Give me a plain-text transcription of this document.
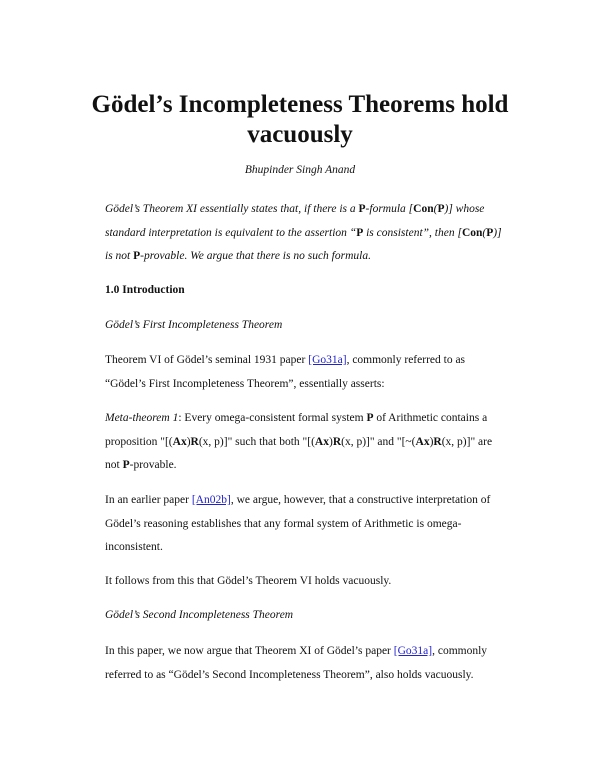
Gödel’s Incompleteness Theorems hold vacuously
Bhupinder Singh Anand
Gödel’s Theorem XI essentially states that, if there is a P-formula [Con(P)] whose standard interpretation is equivalent to the assertion “P is consistent”, then [Con(P)] is not P-provable. We argue that there is no such formula.
1.0 Introduction
Gödel’s First Incompleteness Theorem
Theorem VI of Gödel’s seminal 1931 paper [Go31a], commonly referred to as “Gödel’s First Incompleteness Theorem”, essentially asserts:
Meta-theorem 1: Every omega-consistent formal system P of Arithmetic contains a proposition "[(Ax)R(x, p)]" such that both "[(Ax)R(x, p)]" and "[~(Ax)R(x, p)]" are not P-provable.
In an earlier paper [An02b], we argue, however, that a constructive interpretation of Gödel’s reasoning establishes that any formal system of Arithmetic is omega-inconsistent.
It follows from this that Gödel’s Theorem VI holds vacuously.
Gödel’s Second Incompleteness Theorem
In this paper, we now argue that Theorem XI of Gödel’s paper [Go31a], commonly referred to as “Gödel’s Second Incompleteness Theorem”, also holds vacuously.
